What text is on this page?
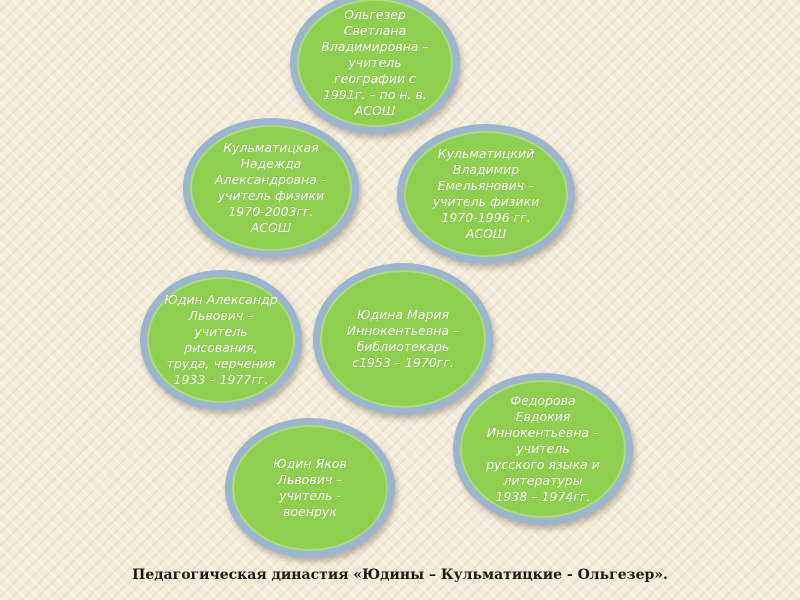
Ольгезер
Светлана
Владимировна –
учитель
географии с
1991г. – по н. в.
АСОШ
Кульматицкая
Надежда
Александровна –
учитель физики
1970-2003гг.
АСОШ
Кульматицкий
Владимир
Емельянович –
учитель физики
1970-1996 гг.
АСОШ
Юдин Александр
Львович –
учитель
рисования,
труда, черчения
1933 – 1977гг.
Юдина Мария
Иннокентьевна –
библиотекарь
с1953 – 1970гг.
Федорова
Евдокия
Иннокентьевна –
учитель
русского языка и
литературы
1938 – 1974гг.
Юдин Яков
Львович –
учитель -
военрук
Педагогическая династия «Юдины – Кульматицкие - Ольгезер».
